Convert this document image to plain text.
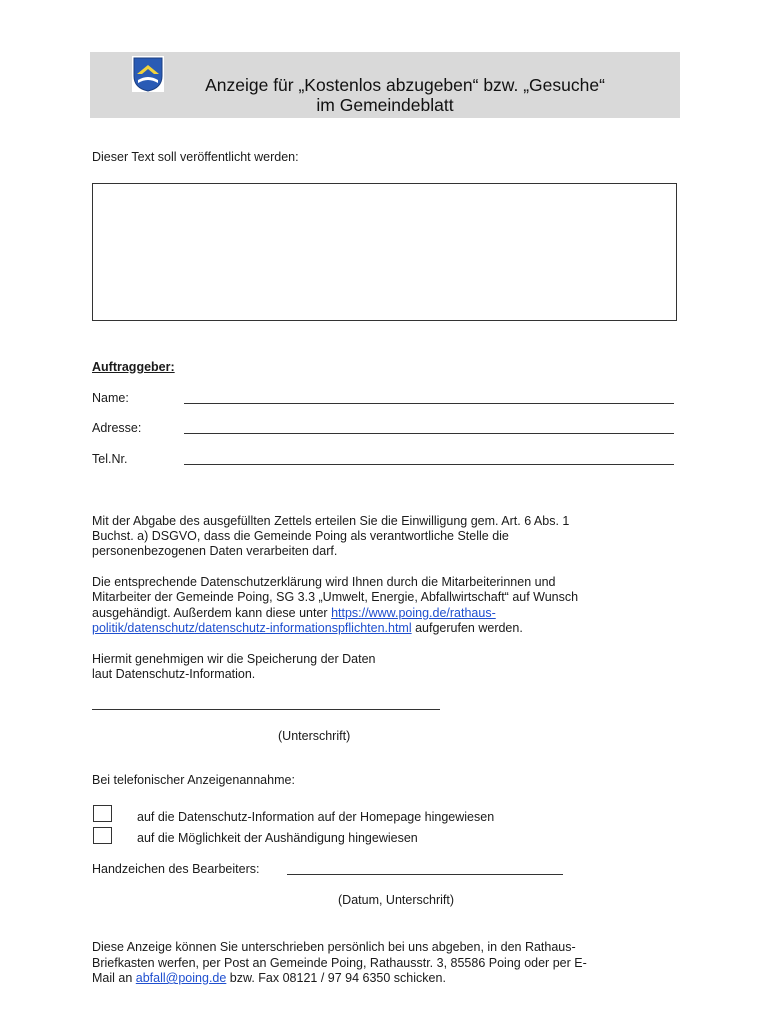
Anzeige für „Kostenlos abzugeben“ bzw. „Gesuche“
im Gemeindeblatt
Dieser Text soll veröffentlicht werden:
Auftraggeber:
Name:
Adresse:
Tel.Nr.
Mit der Abgabe des ausgefüllten Zettels erteilen Sie die Einwilligung gem. Art. 6 Abs. 1
Buchst. a) DSGVO, dass die Gemeinde Poing als verantwortliche Stelle die
personenbezogenen Daten verarbeiten darf.
Die entsprechende Datenschutzerklärung wird Ihnen durch die Mitarbeiterinnen und
Mitarbeiter der Gemeinde Poing, SG 3.3 „Umwelt, Energie, Abfallwirtschaft“ auf Wunsch
ausgehändigt. Außerdem kann diese unter https://www.poing.de/rathaus-
politik/datenschutz/datenschutz-informationspflichten.html aufgerufen werden.
Hiermit genehmigen wir die Speicherung der Daten
laut Datenschutz-Information.
(Unterschrift)
Bei telefonischer Anzeigenannahme:
auf die Datenschutz-Information auf der Homepage hingewiesen
auf die Möglichkeit der Aushändigung hingewiesen
Handzeichen des Bearbeiters:
(Datum, Unterschrift)
Diese Anzeige können Sie unterschrieben persönlich bei uns abgeben, in den Rathaus-
Briefkasten werfen, per Post an Gemeinde Poing, Rathausstr. 3, 85586 Poing oder per E-
Mail an abfall@poing.de bzw. Fax 08121 / 97 94 6350 schicken.
